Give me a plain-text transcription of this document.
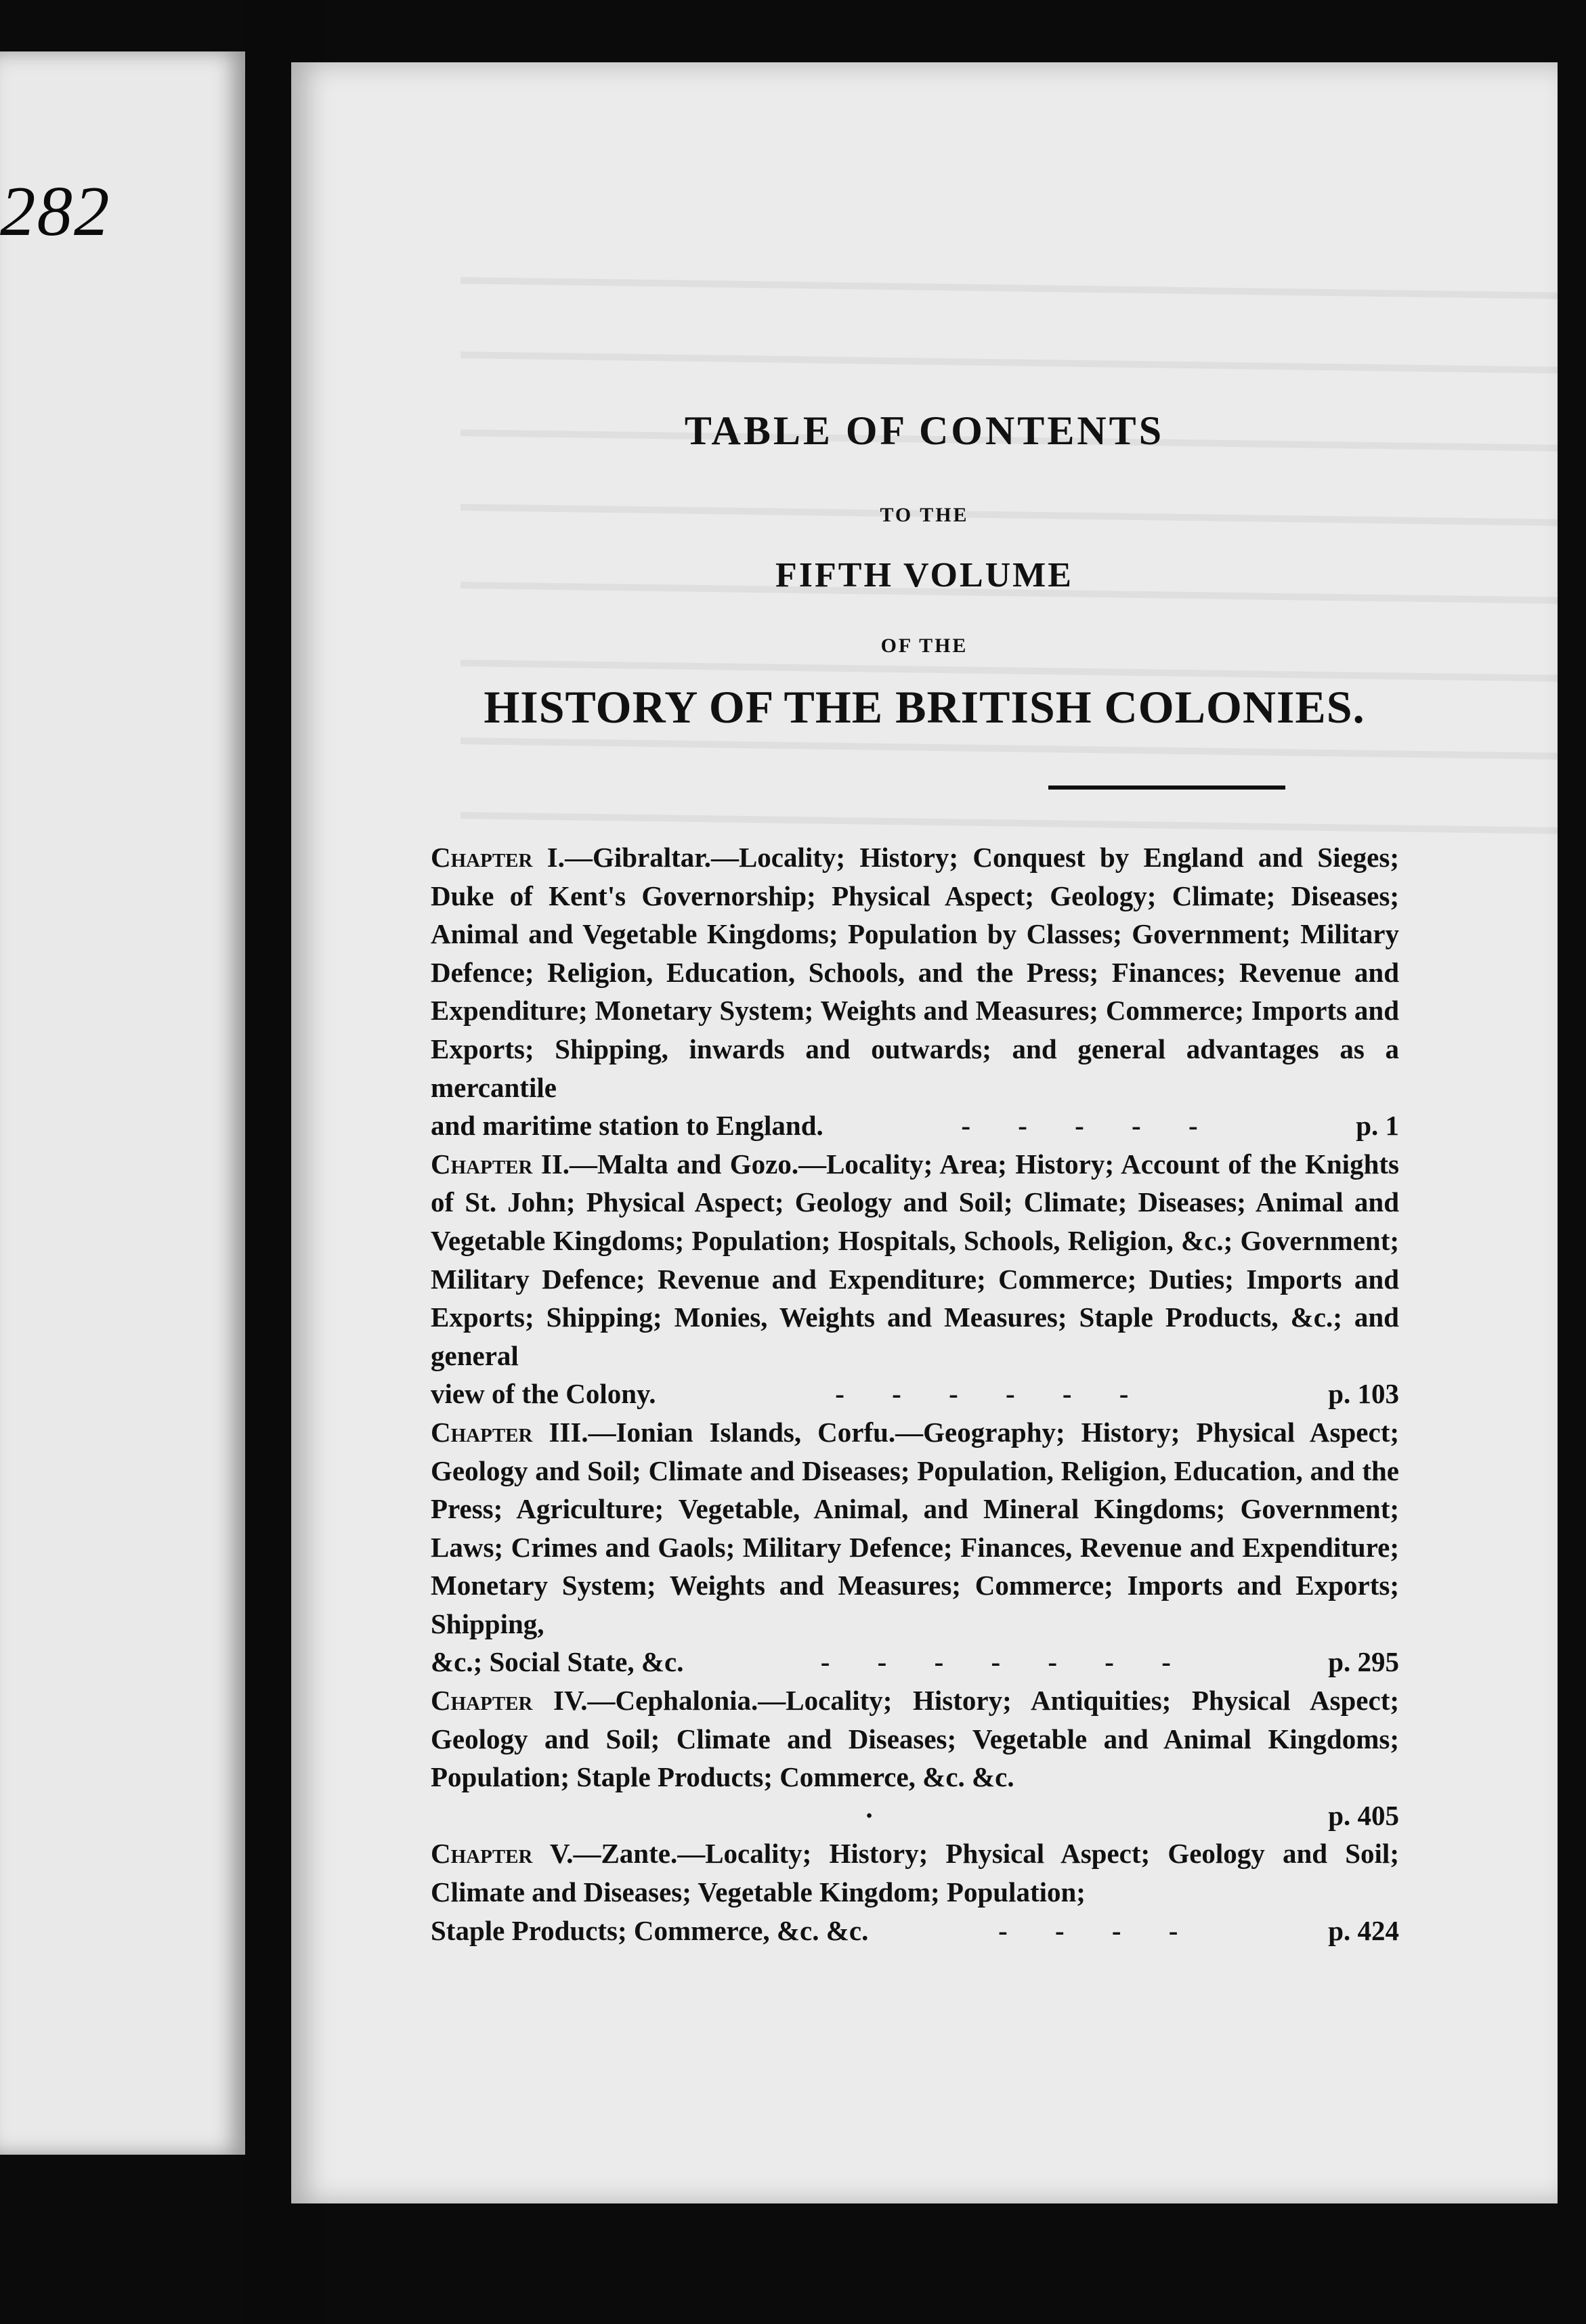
282
TABLE OF CONTENTS
TO THE
FIFTH VOLUME
OF THE
HISTORY OF THE BRITISH COLONIES.

Chapter I.—Gibraltar.—Locality; History; Conquest by England and Sieges; Duke of Kent's Governorship; Physical Aspect; Geology; Climate; Diseases; Animal and Vegetable Kingdoms; Population by Classes; Government; Military Defence; Religion, Education, Schools, and the Press; Finances; Revenue and Expenditure; Monetary System; Weights and Measures; Commerce; Imports and Exports; Shipping, inwards and outwards; and general advantages as a mercantile

and maritime station to England.	- - - - -	p. 1

Chapter II.—Malta and Gozo.—Locality; Area; History; Account of the Knights of St. John; Physical Aspect; Geology and Soil; Climate; Diseases; Animal and Vegetable Kingdoms; Population; Hospitals, Schools, Religion, &c.; Government; Military Defence; Revenue and Expenditure; Commerce; Duties; Imports and Exports; Shipping; Monies, Weights and Measures; Staple Products, &c.; and general

view of the Colony.	- - - - - -	p. 103

Chapter III.—Ionian Islands, Corfu.—Geography; History; Physical Aspect; Geology and Soil; Climate and Diseases; Population, Religion, Education, and the Press; Agriculture; Vegetable, Animal, and Mineral Kingdoms; Government; Laws; Crimes and Gaols; Military Defence; Finances, Revenue and Expenditure; Monetary System; Weights and Measures; Commerce; Imports and Exports; Shipping,

&c.; Social State, &c.	- - - - - - -	p. 295

Chapter IV.—Cephalonia.—Locality; History; Antiquities; Physical Aspect; Geology and Soil; Climate and Diseases; Vegetable and Animal Kingdoms; Population; Staple Products; Commerce, &c. &c.

·	p. 405

Chapter V.—Zante.—Locality; History; Physical Aspect; Geology and Soil; Climate and Diseases; Vegetable Kingdom; Population;

Staple Products; Commerce, &c. &c.	- - - -	p. 424
